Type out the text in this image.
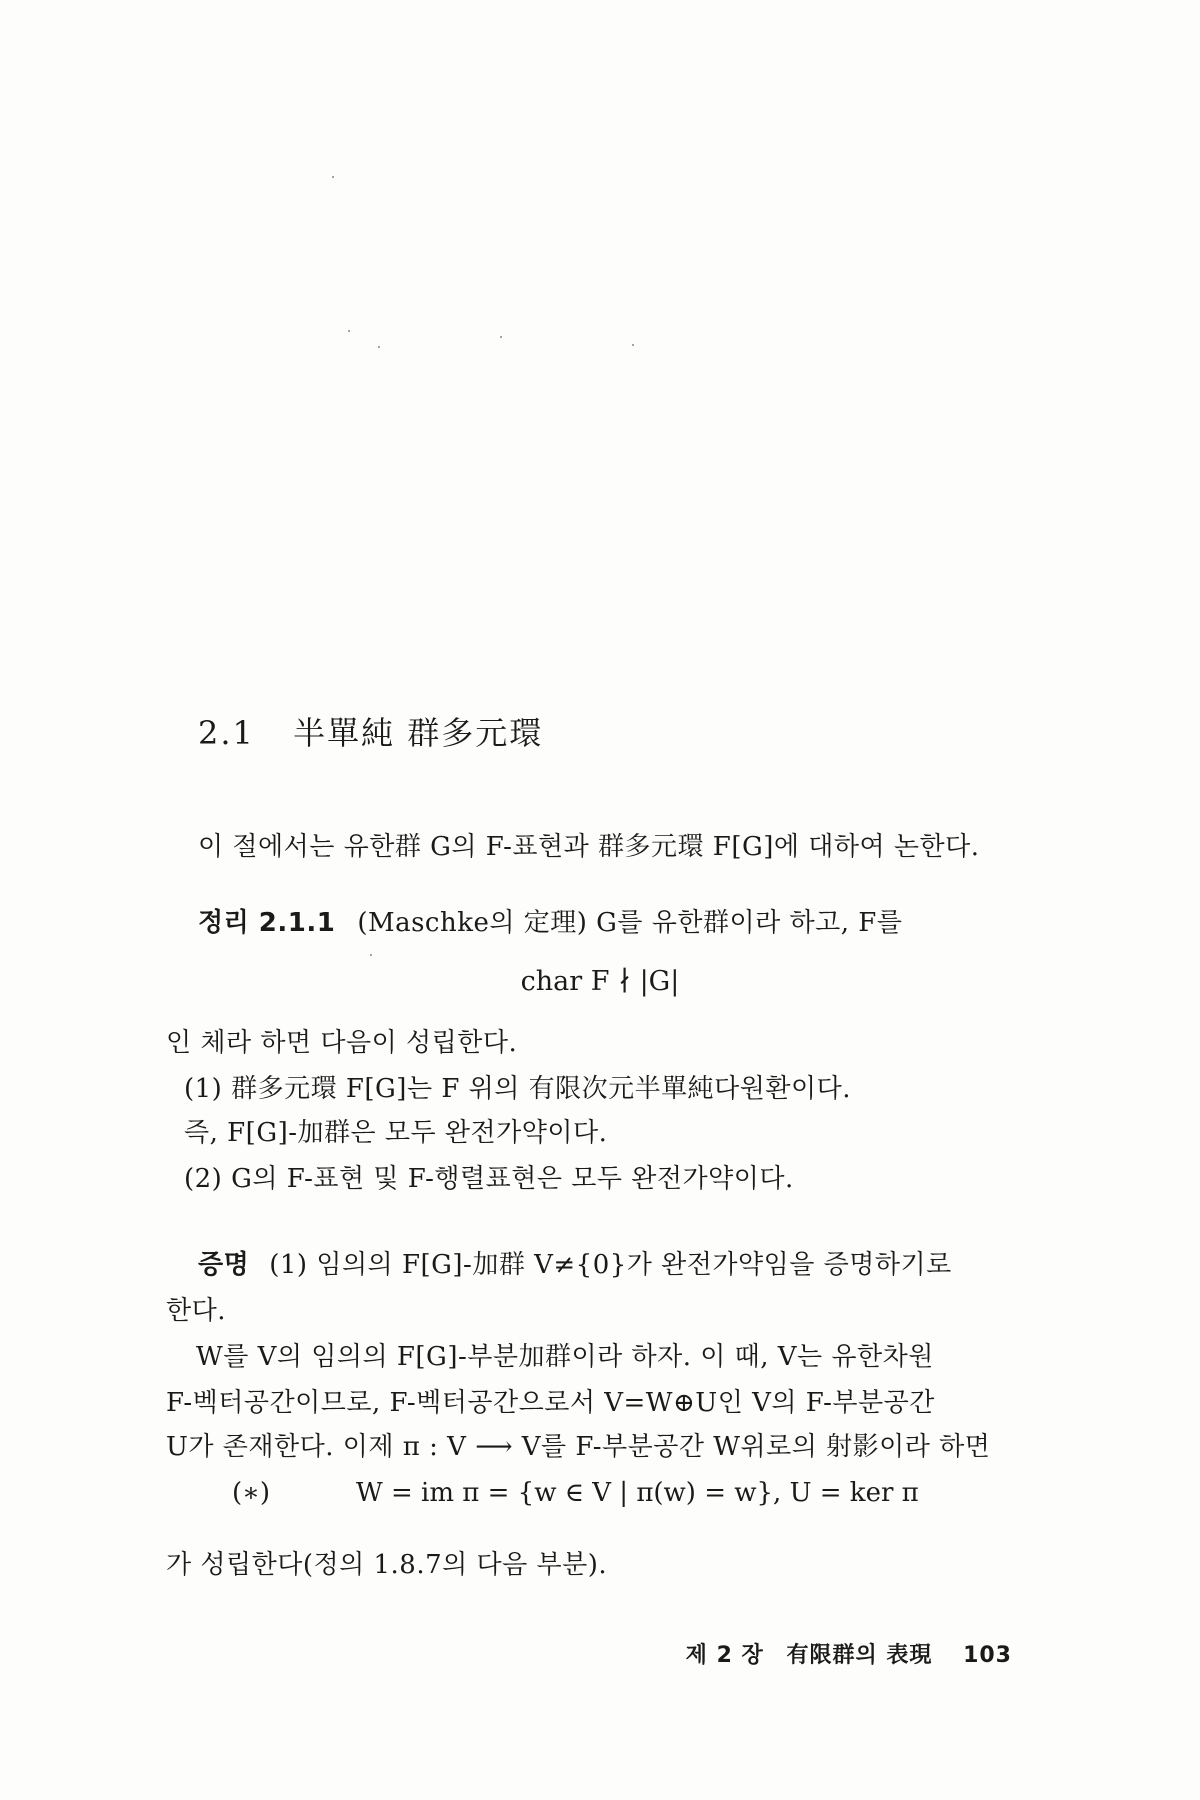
2.1 半單純 群多元環
이 절에서는 유한群 G의 F-표현과 群多元環 F[G]에 대하여 논한다.
정리 2.1.1 (Maschke의 定理) G를 유한群이라 하고, F를
char F ∤ |G|
인 체라 하면 다음이 성립한다.
(1) 群多元環 F[G]는 F 위의 有限次元半單純다원환이다.
즉, F[G]-加群은 모두 완전가약이다.
(2) G의 F-표현 및 F-행렬표현은 모두 완전가약이다.
증명 (1) 임의의 F[G]-加群 V≠{0}가 완전가약임을 증명하기로
한다.
W를 V의 임의의 F[G]-부분加群이라 하자. 이 때, V는 유한차원
F-벡터공간이므로, F-벡터공간으로서 V=W⊕U인 V의 F-부분공간
U가 존재한다. 이제 π : V ⟶ V를 F-부분공간 W위로의 射影이라 하면
(∗)	W = im π = {w ∈ V | π(w) = w}, U = ker π
가 성립한다(정의 1.8.7의 다음 부분).
제 2 장 有限群의 表現 103
